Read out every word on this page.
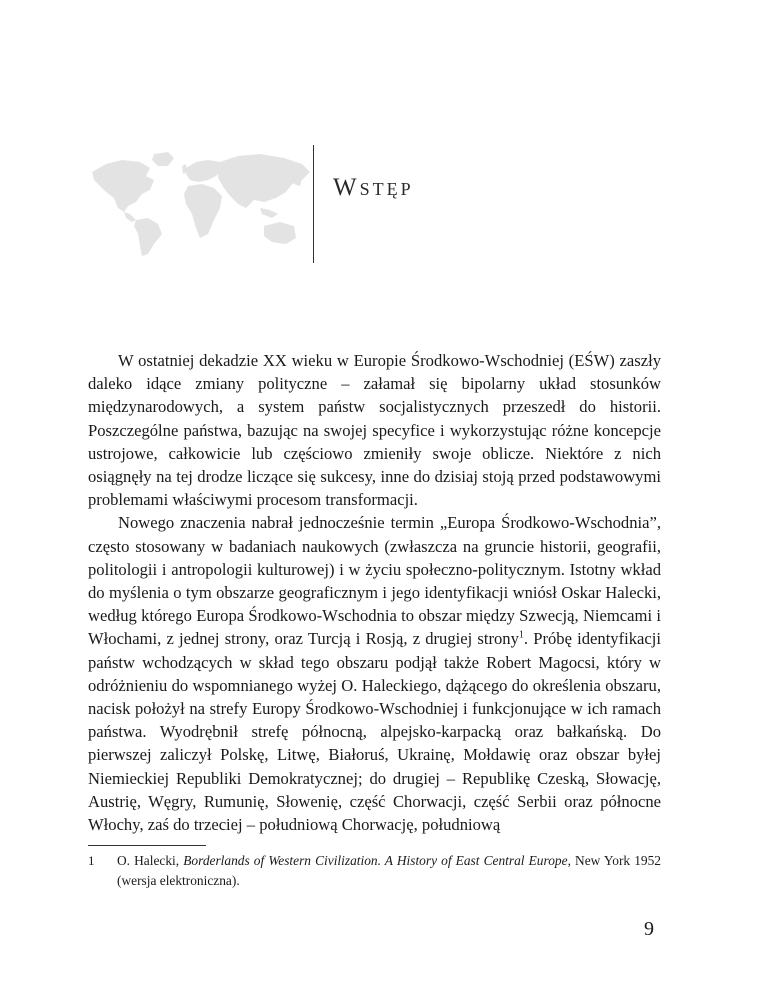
Wstęp

W ostatniej dekadzie XX wieku w Europie Środkowo-Wschodniej (EŚW) zaszły daleko idące zmiany polityczne – załamał się bipolarny układ stosunków międzynarodowych, a system państw socjalistycznych przeszedł do historii. Poszczególne państwa, bazując na swojej specyfice i wykorzystując różne koncepcje ustrojowe, całkowicie lub częściowo zmieniły swoje oblicze. Niektóre z nich osiągnęły na tej drodze liczące się sukcesy, inne do dzisiaj stoją przed podstawowymi problemami właściwymi procesom transformacji.

Nowego znaczenia nabrał jednocześnie termin „Europa Środkowo-Wschodnia”, często stosowany w badaniach naukowych (zwłaszcza na gruncie historii, geografii, politologii i antropologii kulturowej) i w życiu społeczno-politycznym. Istotny wkład do myślenia o tym obszarze geograficznym i jego identyfikacji wniósł Oskar Halecki, według którego Europa Środkowo-Wschodnia to obszar między Szwecją, Niemcami i Włochami, z jednej strony, oraz Turcją i Rosją, z drugiej strony$^1$. Próbę identyfikacji państw wchodzących w skład tego obszaru podjął także Robert Magocsi, który w odróżnieniu do wspomnianego wyżej O. Haleckiego, dążącego do określenia obszaru, nacisk położył na strefy Europy Środkowo-Wschodniej i funkcjonujące w ich ramach państwa. Wyodrębnił strefę północną, alpejsko-karpacką oraz bałkańską. Do pierwszej zaliczył Polskę, Litwę, Białoruś, Ukrainę, Mołdawię oraz obszar byłej Niemieckiej Republiki Demokratycznej; do drugiej – Republikę Czeską, Słowację, Austrię, Węgry, Rumunię, Słowenię, część Chorwacji, część Serbii oraz północne Włochy, zaś do trzeciej – południową Chorwację, południową

1 O. Halecki, Borderlands of Western Civilization. A History of East Central Europe, New York 1952 (wersja elektroniczna).
9
